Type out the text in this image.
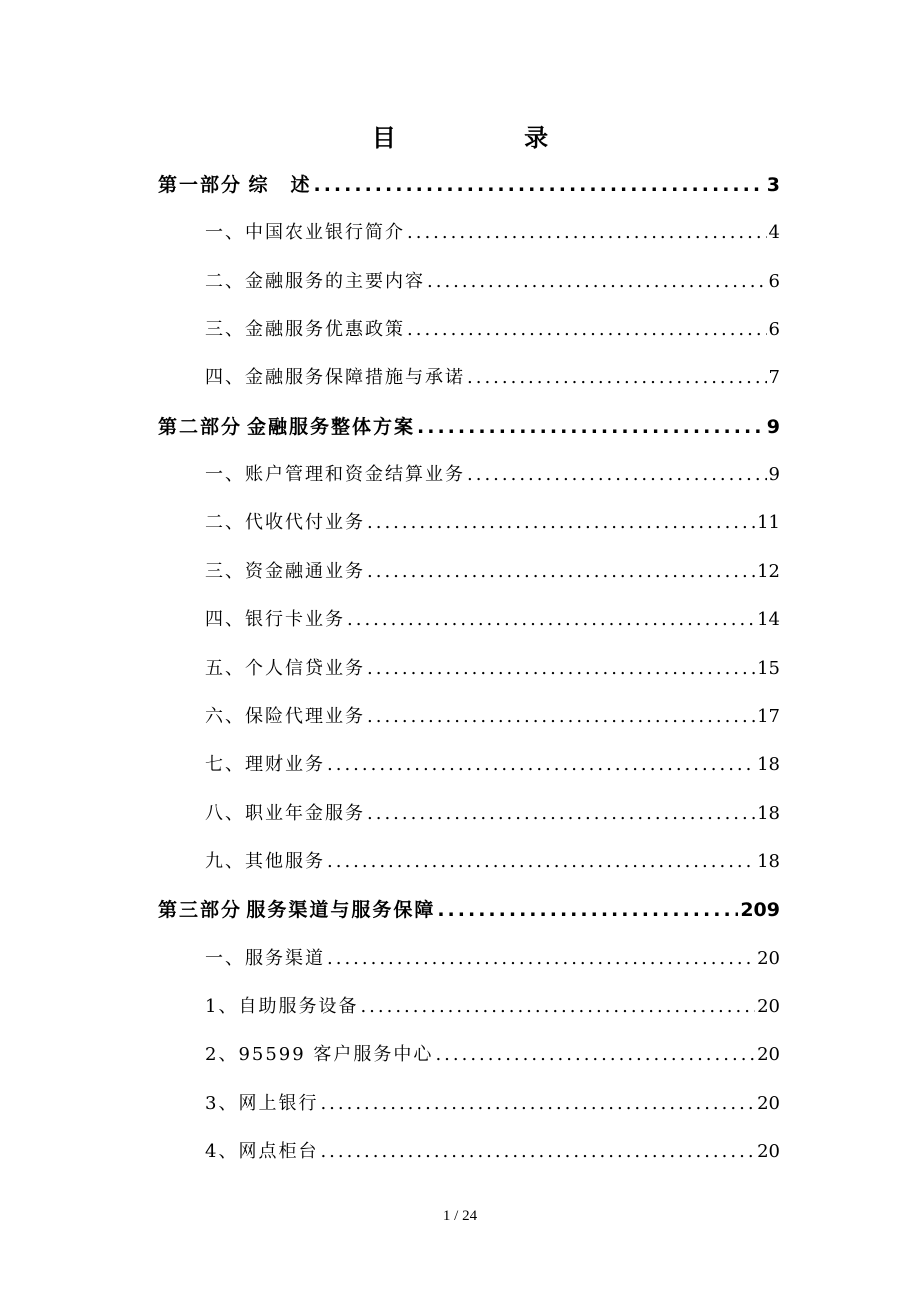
目 录
第一部分 综　述 .....	3
一、中国农业银行简介 .....	4
二、金融服务的主要内容 .....	6
三、金融服务优惠政策 .....	6
四、金融服务保障措施与承诺 .....	7
第二部分 金融服务整体方案 .....	9
一、账户管理和资金结算业务 .....	9
二、代收代付业务 .....	11
三、资金融通业务 .....	12
四、银行卡业务 .....	14
五、个人信贷业务 .....	15
六、保险代理业务 .....	17
七、理财业务 .....	18
八、职业年金服务 .....	18
九、其他服务 .....	18
第三部分 服务渠道与服务保障 .....	209
一、服务渠道 .....	20
1、自助服务设备 .....	20
2、95599 客户服务中心 .....	20
3、网上银行 .....	20
4、网点柜台 .....	20
1 / 24
